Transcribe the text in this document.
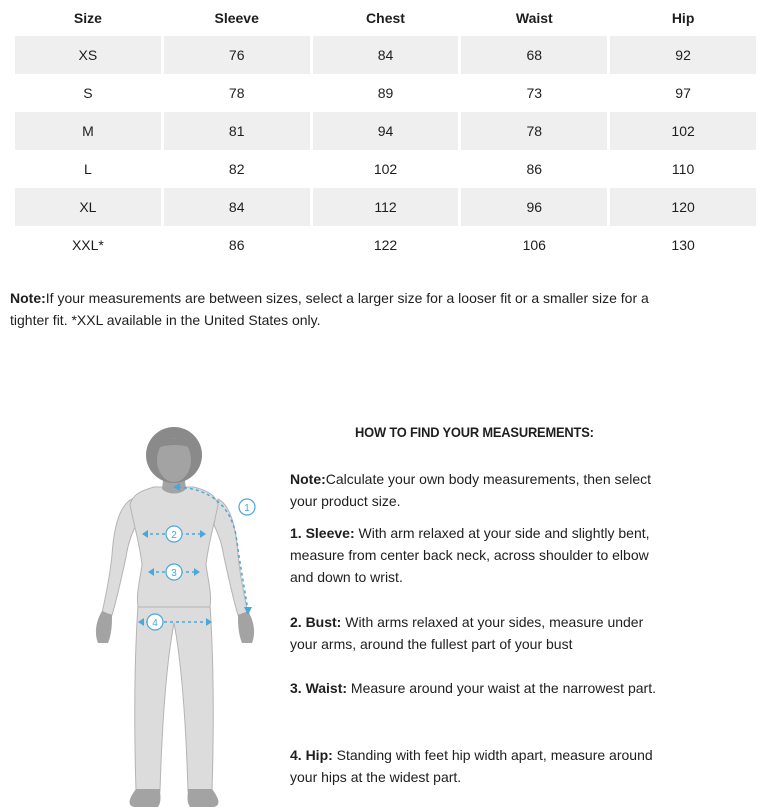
Size	Sleeve	Chest	Waist	Hip
XS	76	84	68	92
S	78	89	73	97
M	81	94	78	102
L	82	102	86	110
XL	84	112	96	120
XXL*	86	122	106	130

Note:If your measurements are between sizes, select a larger size for a looser fit or a smaller size for a tighter fit. *XXL available in the United States only.

1
2
3
4
HOW TO FIND YOUR MEASUREMENTS:

Note:Calculate your own body measurements, then select your product size.

1. Sleeve: With arm relaxed at your side and slightly bent, measure from center back neck, across shoulder to elbow and down to wrist.

2. Bust: With arms relaxed at your sides, measure under your arms, around the fullest part of your bust

3. Waist: Measure around your waist at the narrowest part.

4. Hip: Standing with feet hip width apart, measure around your hips at the widest part.
